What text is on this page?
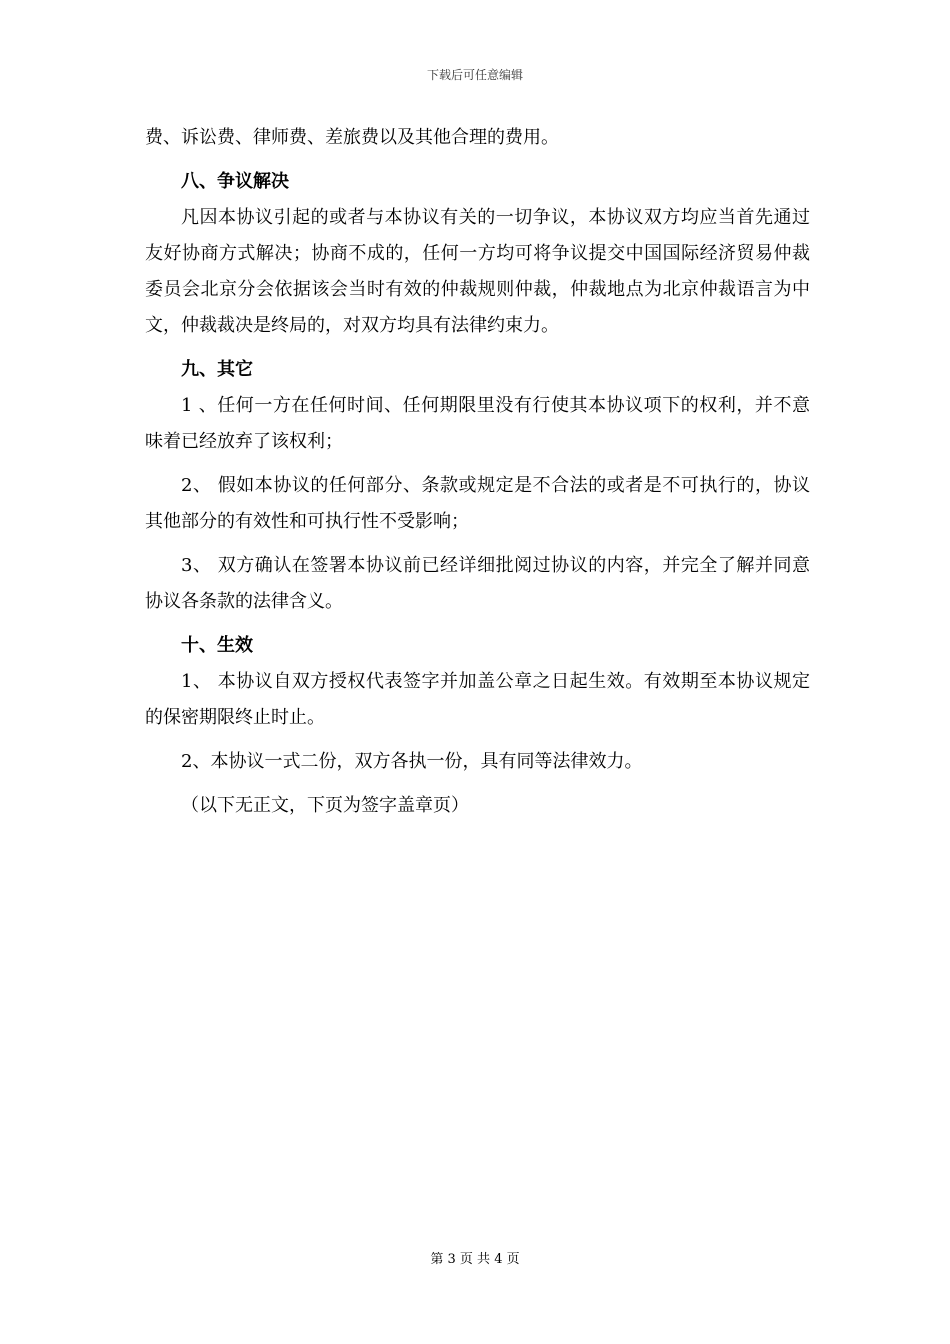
下载后可任意编辑

费、诉讼费、律师费、差旅费以及其他合理的费用。

八、争议解决

凡因本协议引起的或者与本协议有关的一切争议，本协议双方均应当首先通过友好协商方式解决；协商不成的，任何一方均可将争议提交中国国际经济贸易仲裁委员会北京分会依据该会当时有效的仲裁规则仲裁，仲裁地点为北京仲裁语言为中文，仲裁裁决是终局的，对双方均具有法律约束力。

九、其它

1 、任何一方在任何时间、任何期限里没有行使其本协议项下的权利，并不意味着已经放弃了该权利；

2、 假如本协议的任何部分、条款或规定是不合法的或者是不可执行的，协议其他部分的有效性和可执行性不受影响；

3、 双方确认在签署本协议前已经详细批阅过协议的内容，并完全了解并同意协议各条款的法律含义。

十、生效

1、 本协议自双方授权代表签字并加盖公章之日起生效。有效期至本协议规定的保密期限终止时止。

2、本协议一式二份，双方各执一份，具有同等法律效力。

（以下无正文，下页为签字盖章页）

第 3 页 共 4 页
